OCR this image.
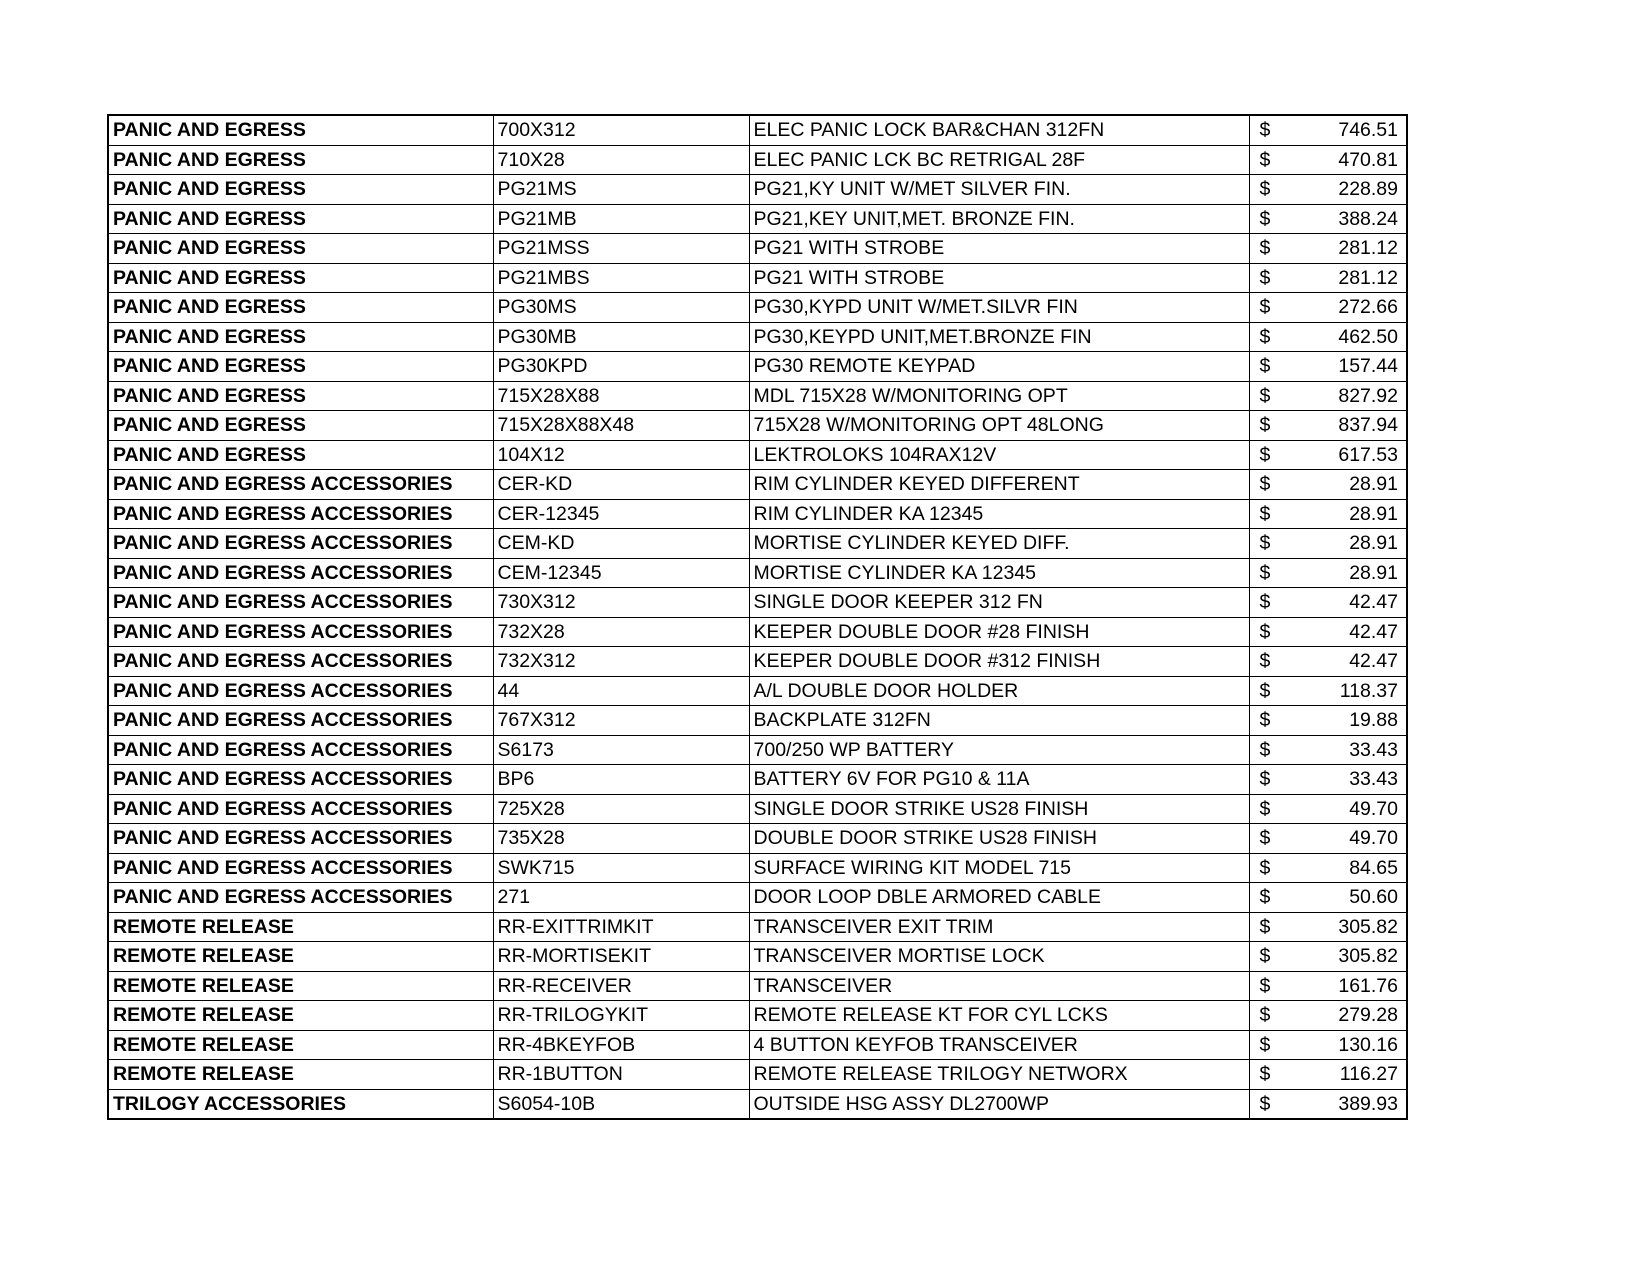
PANIC AND EGRESS	700X312	ELEC PANIC LOCK BAR&CHAN 312FN	$ 746.51

PANIC AND EGRESS	710X28	ELEC PANIC LCK BC RETRIGAL 28F	$ 470.81

PANIC AND EGRESS	PG21MS	PG21,KY UNIT W/MET SILVER FIN.	$ 228.89

PANIC AND EGRESS	PG21MB	PG21,KEY UNIT,MET. BRONZE FIN.	$ 388.24

PANIC AND EGRESS	PG21MSS	PG21 WITH STROBE	$ 281.12

PANIC AND EGRESS	PG21MBS	PG21 WITH STROBE	$ 281.12

PANIC AND EGRESS	PG30MS	PG30,KYPD UNIT W/MET.SILVR FIN	$ 272.66

PANIC AND EGRESS	PG30MB	PG30,KEYPD UNIT,MET.BRONZE FIN	$ 462.50

PANIC AND EGRESS	PG30KPD	PG30 REMOTE KEYPAD	$ 157.44

PANIC AND EGRESS	715X28X88	MDL 715X28 W/MONITORING OPT	$ 827.92

PANIC AND EGRESS	715X28X88X48	715X28 W/MONITORING OPT 48LONG	$ 837.94

PANIC AND EGRESS	104X12	LEKTROLOKS 104RAX12V	$ 617.53

PANIC AND EGRESS ACCESSORIES	CER-KD	RIM CYLINDER KEYED DIFFERENT	$ 28.91

PANIC AND EGRESS ACCESSORIES	CER-12345	RIM CYLINDER KA 12345	$ 28.91

PANIC AND EGRESS ACCESSORIES	CEM-KD	MORTISE CYLINDER KEYED DIFF.	$ 28.91

PANIC AND EGRESS ACCESSORIES	CEM-12345	MORTISE CYLINDER KA 12345	$ 28.91

PANIC AND EGRESS ACCESSORIES	730X312	SINGLE DOOR KEEPER 312 FN	$ 42.47

PANIC AND EGRESS ACCESSORIES	732X28	KEEPER DOUBLE DOOR #28 FINISH	$ 42.47

PANIC AND EGRESS ACCESSORIES	732X312	KEEPER DOUBLE DOOR #312 FINISH	$ 42.47

PANIC AND EGRESS ACCESSORIES	44	A/L DOUBLE DOOR HOLDER	$ 118.37

PANIC AND EGRESS ACCESSORIES	767X312	BACKPLATE 312FN	$ 19.88

PANIC AND EGRESS ACCESSORIES	S6173	700/250 WP BATTERY	$ 33.43

PANIC AND EGRESS ACCESSORIES	BP6	BATTERY 6V FOR PG10 & 11A	$ 33.43

PANIC AND EGRESS ACCESSORIES	725X28	SINGLE DOOR STRIKE US28 FINISH	$ 49.70

PANIC AND EGRESS ACCESSORIES	735X28	DOUBLE DOOR STRIKE US28 FINISH	$ 49.70

PANIC AND EGRESS ACCESSORIES	SWK715	SURFACE WIRING KIT MODEL 715	$ 84.65

PANIC AND EGRESS ACCESSORIES	271	DOOR LOOP DBLE ARMORED CABLE	$ 50.60

REMOTE RELEASE	RR-EXITTRIMKIT	TRANSCEIVER EXIT TRIM	$ 305.82

REMOTE RELEASE	RR-MORTISEKIT	TRANSCEIVER MORTISE LOCK	$ 305.82

REMOTE RELEASE	RR-RECEIVER	TRANSCEIVER	$ 161.76

REMOTE RELEASE	RR-TRILOGYKIT	REMOTE RELEASE KT FOR CYL LCKS	$ 279.28

REMOTE RELEASE	RR-4BKEYFOB	4 BUTTON KEYFOB TRANSCEIVER	$ 130.16

REMOTE RELEASE	RR-1BUTTON	REMOTE RELEASE TRILOGY NETWORX	$ 116.27

TRILOGY ACCESSORIES	S6054-10B	OUTSIDE HSG ASSY DL2700WP	$ 389.93
